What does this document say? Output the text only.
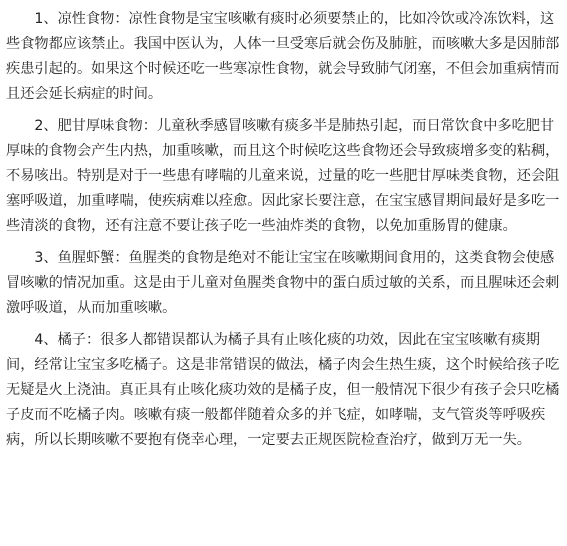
1、凉性食物：凉性食物是宝宝咳嗽有痰时必须要禁止的，比如冷饮或冷冻饮料，这些食物都应该禁止。我国中医认为，人体一旦受寒后就会伤及肺脏，而咳嗽大多是因肺部疾患引起的。如果这个时候还吃一些寒凉性食物，就会导致肺气闭塞，不但会加重病情而且还会延长病症的时间。

2、肥甘厚味食物：儿童秋季感冒咳嗽有痰多半是肺热引起，而日常饮食中多吃肥甘厚味的食物会产生内热，加重咳嗽，而且这个时候吃这些食物还会导致痰增多变的粘稠，不易咳出。特别是对于一些患有哮喘的儿童来说，过量的吃一些肥甘厚味类食物，还会阻塞呼吸道，加重哮喘，使疾病难以痊愈。因此家长要注意，在宝宝感冒期间最好是多吃一些清淡的食物，还有注意不要让孩子吃一些油炸类的食物，以免加重肠胃的健康。

3、鱼腥虾蟹：鱼腥类的食物是绝对不能让宝宝在咳嗽期间食用的，这类食物会使感冒咳嗽的情况加重。这是由于儿童对鱼腥类食物中的蛋白质过敏的关系，而且腥味还会刺激呼吸道，从而加重咳嗽。

4、橘子：很多人都错误都认为橘子具有止咳化痰的功效，因此在宝宝咳嗽有痰期间，经常让宝宝多吃橘子。这是非常错误的做法，橘子肉会生热生痰，这个时候给孩子吃无疑是火上浇油。真正具有止咳化痰功效的是橘子皮，但一般情况下很少有孩子会只吃橘子皮而不吃橘子肉。咳嗽有痰一般都伴随着众多的并飞症，如哮喘，支气管炎等呼吸疾病，所以长期咳嗽不要抱有侥幸心理，一定要去正规医院检查治疗，做到万无一失。
